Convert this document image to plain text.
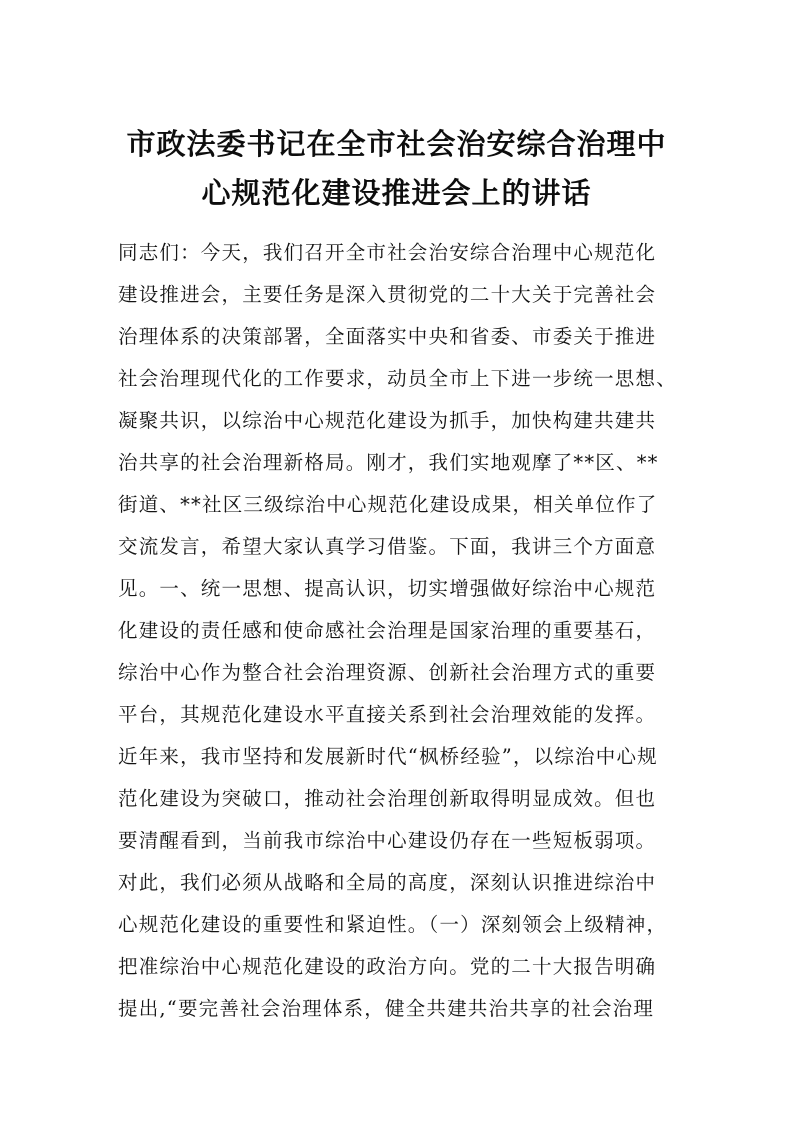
市政法委书记在全市社会治安综合治理中
心规范化建设推进会上的讲话
同志们：今天，我们召开全市社会治安综合治理中心规范化
建设推进会，主要任务是深入贯彻党的二十大关于完善社会
治理体系的决策部署，全面落实中央和省委、市委关于推进
社会治理现代化的工作要求，动员全市上下进一步统一思想、
凝聚共识，以综治中心规范化建设为抓手，加快构建共建共
治共享的社会治理新格局。刚才，我们实地观摩了**区、**
街道、**社区三级综治中心规范化建设成果，相关单位作了
交流发言，希望大家认真学习借鉴。下面，我讲三个方面意
见。一、统一思想、提高认识，切实增强做好综治中心规范
化建设的责任感和使命感社会治理是国家治理的重要基石，
综治中心作为整合社会治理资源、创新社会治理方式的重要
平台，其规范化建设水平直接关系到社会治理效能的发挥。
近年来，我市坚持和发展新时代“枫桥经验”，以综治中心规
范化建设为突破口，推动社会治理创新取得明显成效。但也
要清醒看到，当前我市综治中心建设仍存在一些短板弱项。
对此，我们必须从战略和全局的高度，深刻认识推进综治中
心规范化建设的重要性和紧迫性。（一）深刻领会上级精神，
把准综治中心规范化建设的政治方向。党的二十大报告明确
提出,“要完善社会治理体系，健全共建共治共享的社会治理
